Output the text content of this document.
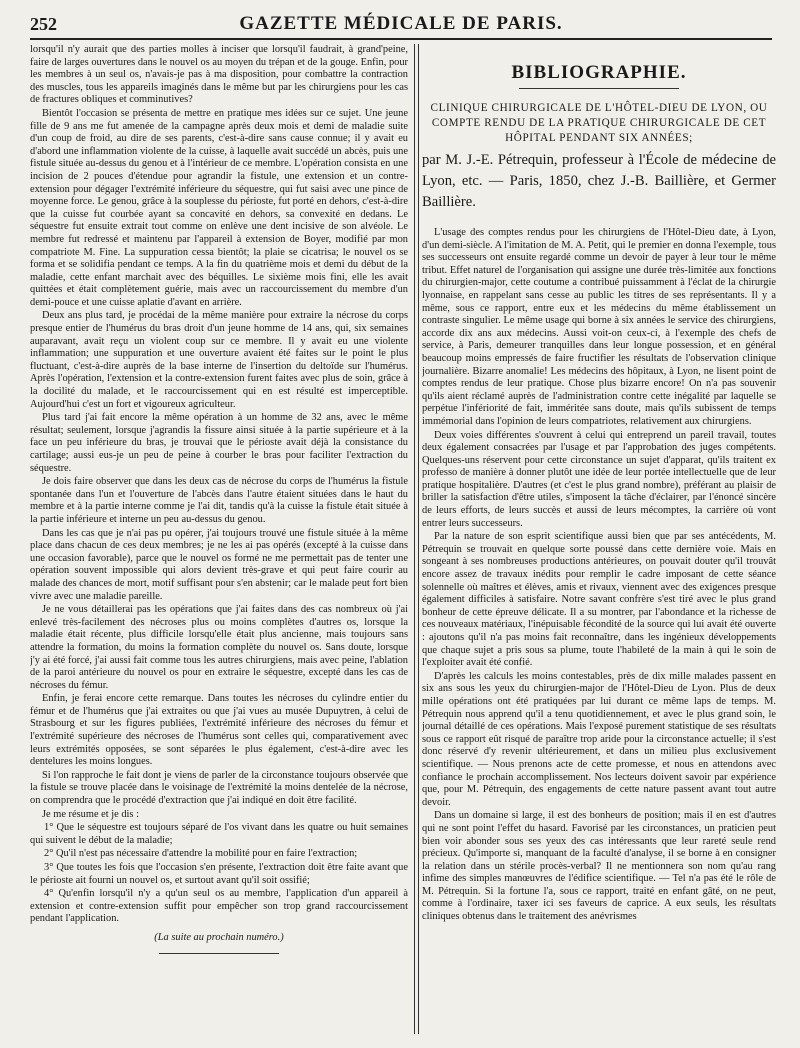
252	GAZETTE MÉDICALE DE PARIS.

lorsqu'il n'y aurait que des parties molles à inciser que lorsqu'il faudrait, à grand'peine, faire de larges ouvertures dans le nouvel os au moyen du trépan et de la gouge. Enfin, pour les membres à un seul os, n'avais-je pas à ma disposition, pour combattre la contraction des muscles, tous les appareils imaginés dans le même but par les chirurgiens pour les cas de fractures obliques et comminutives?

Bientôt l'occasion se présenta de mettre en pratique mes idées sur ce sujet. Une jeune fille de 9 ans me fut amenée de la campagne après deux mois et demi de maladie suite d'un coup de froid, au dire de ses parents, c'est-à-dire sans cause connue; il y avait eu d'abord une inflammation violente de la cuisse, à laquelle avait succédé un abcès, puis une fistule située au-dessus du genou et à l'intérieur de ce membre. L'opération consista en une incision de 2 pouces d'étendue pour agrandir la fistule, une extension et un contre-extension pour dégager l'extrémité inférieure du séquestre, qui fut saisi avec une pince de moyenne force. Le genou, grâce à la souplesse du périoste, fut porté en dehors, c'est-à-dire que la cuisse fut courbée ayant sa concavité en dehors, sa convexité en dedans. Le séquestre fut ensuite extrait tout comme on enlève une dent incisive de son alvéole. Le membre fut redressé et maintenu par l'appareil à extension de Boyer, modifié par mon compatriote M. Fine. La suppuration cessa bientôt; la plaie se cicatrisa; le nouvel os se forma et se solidifia pendant ce temps. A la fin du quatrième mois et demi du début de la maladie, cette enfant marchait avec des béquilles. Le sixième mois fini, elle les avait quittées et était complètement guérie, mais avec un raccourcissement du membre d'un demi-pouce et une cuisse aplatie d'avant en arrière.

Deux ans plus tard, je procédai de la même manière pour extraire la nécrose du corps presque entier de l'humérus du bras droit d'un jeune homme de 14 ans, qui, six semaines auparavant, avait reçu un violent coup sur ce membre. Il y avait eu une violente inflammation; une suppuration et une ouverture avaient été faites sur le point le plus fluctuant, c'est-à-dire auprès de la base interne de l'insertion du deltoïde sur l'humérus. Après l'opération, l'extension et la contre-extension furent faites avec plus de soin, grâce à la docilité du malade, et le raccourcissement qui en est résulté est imperceptible. Aujourd'hui c'est un fort et vigoureux agriculteur.

Plus tard j'ai fait encore la même opération à un homme de 32 ans, avec le même résultat; seulement, lorsque j'agrandis la fissure ainsi située à la partie supérieure et à la face un peu inférieure du bras, je trouvai que le périoste avait déjà la consistance du cartilage; aussi eus-je un peu de peine à courber le bras pour faciliter l'extraction du séquestre.

Je dois faire observer que dans les deux cas de nécrose du corps de l'humérus la fistule spontanée dans l'un et l'ouverture de l'abcès dans l'autre étaient situées dans le haut du membre et à la partie interne comme je l'ai dit, tandis qu'à la cuisse la fistule était située à la partie inférieure et interne un peu au-dessus du genou.

Dans les cas que je n'ai pas pu opérer, j'ai toujours trouvé une fistule située à la même place dans chacun de ces deux membres; je ne les ai pas opérés (excepté à la cuisse dans une occasion favorable), parce que le nouvel os formé ne me permettait pas de tenter une opération souvent impossible qui alors devient très-grave et qui peut faire courir au malade des chances de mort, motif suffisant pour s'en abstenir; car le malade peut fort bien vivre avec une maladie pareille.

Je ne vous détaillerai pas les opérations que j'ai faites dans des cas nombreux où j'ai enlevé très-facilement des nécroses plus ou moins complètes d'autres os, lorsque la maladie était récente, plus difficile lorsqu'elle était plus ancienne, mais toujours sans attendre la formation, du moins la formation complète du nouvel os. Sans doute, lorsque j'y ai été forcé, j'ai aussi fait comme tous les autres chirurgiens, mais avec peine, l'ablation de la paroi antérieure du nouvel os pour en extraire le séquestre, excepté dans les cas de nécroses du fémur.

Enfin, je ferai encore cette remarque. Dans toutes les nécroses du cylindre entier du fémur et de l'humérus que j'ai extraites ou que j'ai vues au musée Dupuytren, à celui de Strasbourg et sur les figures publiées, l'extrémité inférieure des nécroses du fémur et l'extrémité supérieure des nécroses de l'humérus sont celles qui, comparativement avec leurs extrémités opposées, se sont séparées le plus également, c'est-à-dire avec les dentelures les moins longues.

Si l'on rapproche le fait dont je viens de parler de la circonstance toujours observée que la fistule se trouve placée dans le voisinage de l'extrémité la moins dentelée de la nécrose, on comprendra que le procédé d'extraction que j'ai indiqué en doit être facilité.

Je me résume et je dis :

1° Que le séquestre est toujours séparé de l'os vivant dans les quatre ou huit semaines qui suivent le début de la maladie;

2° Qu'il n'est pas nécessaire d'attendre la mobilité pour en faire l'extraction;

3° Que toutes les fois que l'occasion s'en présente, l'extraction doit être faite avant que le périoste ait fourni un nouvel os, et surtout avant qu'il soit ossifié;

4° Qu'enfin lorsqu'il n'y a qu'un seul os au membre, l'application d'un appareil à extension et contre-extension suffit pour empêcher son trop grand raccourcissement pendant l'application.

(La suite au prochain numéro.)

BIBLIOGRAPHIE.
CLINIQUE CHIRURGICALE DE L'HÔTEL-DIEU DE LYON, OU COMPTE RENDU DE LA PRATIQUE CHIRURGICALE DE CET HÔPITAL PENDANT SIX ANNÉES;
par M. J.-E. Pétrequin, professeur à l'École de médecine de Lyon, etc. — Paris, 1850, chez J.-B. Baillière, et Germer Baillière.

L'usage des comptes rendus pour les chirurgiens de l'Hôtel-Dieu date, à Lyon, d'un demi-siècle. A l'imitation de M. A. Petit, qui le premier en donna l'exemple, tous ses successeurs ont ensuite regardé comme un devoir de payer à leur tour le même tribut. Effet naturel de l'organisation qui assigne une durée très-limitée aux fonctions du chirurgien-major, cette coutume a contribué puissamment à l'éclat de la chirurgie lyonnaise, en rappelant sans cesse au public les titres de ses représentants. Il y a même, sous ce rapport, entre eux et les médecins du même établissement un contraste singulier. Le même usage qui borne à six années le service des chirurgiens, accorde dix ans aux médecins. Aussi voit-on ceux-ci, à l'exemple des chefs de service, à Paris, demeurer tranquilles dans leur longue possession, et en général beaucoup moins empressés de faire fructifier les résultats de l'observation clinique journalière. Bizarre anomalie! Les médecins des hôpitaux, à Lyon, ne lisent point de comptes rendus de leur pratique. Chose plus bizarre encore! On n'a pas souvenir qu'ils aient réclamé auprès de l'administration contre cette inégalité par laquelle se perpétue l'infériorité de fait, imméritée sans doute, mais qu'ils subissent de temps immémorial dans l'opinion de leurs compatriotes, relativement aux chirurgiens.

Deux voies différentes s'ouvrent à celui qui entreprend un pareil travail, toutes deux également consacrées par l'usage et par l'approbation des juges compétents. Quelques-uns réservent pour cette circonstance un sujet d'apparat, qu'ils traitent ex professo de manière à donner plutôt une idée de leur portée intellectuelle que de leur pratique hospitalière. D'autres (et c'est le plus grand nombre), préférant au plaisir de briller la satisfaction d'être utiles, s'imposent la tâche d'éclairer, par l'énoncé sincère de leurs efforts, de leurs succès et aussi de leurs mécomptes, la carrière où vont entrer leurs successeurs.

Par la nature de son esprit scientifique aussi bien que par ses antécédents, M. Pétrequin se trouvait en quelque sorte poussé dans cette dernière voie. Mais en songeant à ses nombreuses productions antérieures, on pouvait douter qu'il trouvât encore assez de travaux inédits pour remplir le cadre imposant de cette séance solennelle où maîtres et élèves, amis et rivaux, viennent avec des exigences presque également difficiles à satisfaire. Notre savant confrère s'est tiré avec le plus grand bonheur de cette épreuve délicate. Il a su montrer, par l'abondance et la richesse de ces nouveaux matériaux, l'inépuisable fécondité de la source qui lui avait été ouverte : ajoutons qu'il n'a pas moins fait reconnaître, dans les ingénieux développements que chaque sujet a pris sous sa plume, toute l'habileté de la main à qui le soin de l'exploiter avait été confié.

D'après les calculs les moins contestables, près de dix mille malades passent en six ans sous les yeux du chirurgien-major de l'Hôtel-Dieu de Lyon. Plus de deux mille opérations ont été pratiquées par lui durant ce même laps de temps. M. Pétrequin nous apprend qu'il a tenu quotidiennement, et avec le plus grand soin, le journal détaillé de ces opérations. Mais l'exposé purement statistique de ses résultats sous ce rapport eût risqué de paraître trop aride pour la circonstance actuelle; il s'est donc réservé d'y revenir ultérieurement, et dans un milieu plus exclusivement scientifique. — Nous prenons acte de cette promesse, et nous en attendons avec confiance le prochain accomplissement. Nos lecteurs doivent savoir par expérience que, pour M. Pétrequin, des engagements de cette nature passent avant tout autre devoir.

Dans un domaine si large, il est des bonheurs de position; mais il en est d'autres qui ne sont point l'effet du hasard. Favorisé par les circonstances, un praticien peut bien voir abonder sous ses yeux des cas intéressants que leur rareté seule rend précieux. Qu'importe si, manquant de la faculté d'analyse, il se borne à en consigner la relation dans un stérile procès-verbal? Il ne mentionnera son nom qu'au rang infime des simples manœuvres de l'édifice scientifique. — Tel n'a pas été le rôle de M. Pétrequin. Si la fortune l'a, sous ce rapport, traité en enfant gâté, on ne peut, comme à l'ordinaire, taxer ici ses faveurs de caprice. A eux seuls, les résultats cliniques obtenus dans le traitement des anévrismes
